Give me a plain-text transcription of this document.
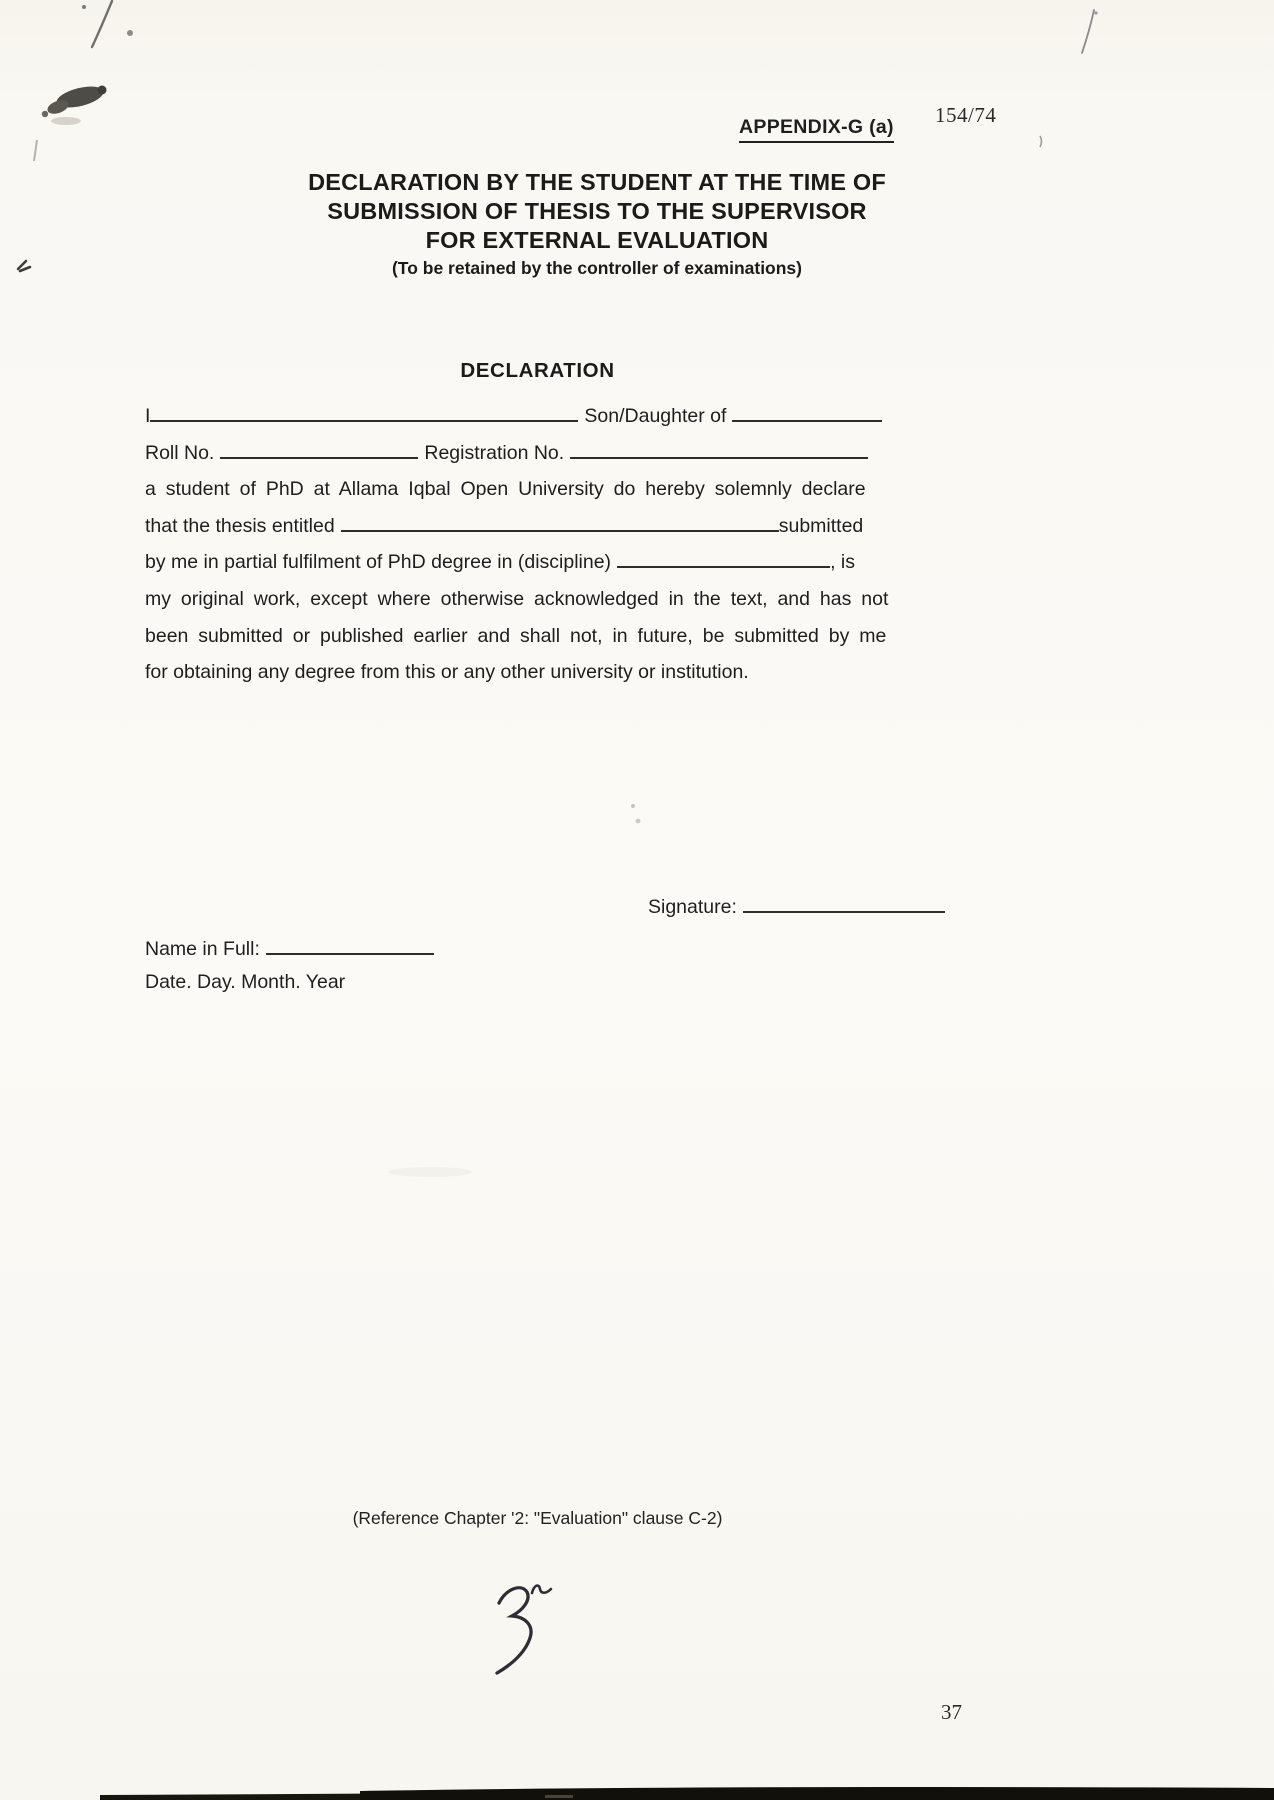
154/74
APPENDIX-G (a)
DECLARATION BY THE STUDENT AT THE TIME OF
SUBMISSION OF THESIS TO THE SUPERVISOR
FOR EXTERNAL EVALUATION
(To be retained by the controller of examinations)
DECLARATION
I	Son/Daughter of
Roll No.	Registration No.
a student of PhD at Allama Iqbal Open University do hereby solemnly declare
that the thesis entitled	submitted
by me in partial fulfilment of PhD degree in (discipline)	, is
my original work, except where otherwise acknowledged in the text, and has not
been submitted or published earlier and shall not, in future, be submitted by me
for obtaining any degree from this or any other university or institution.
Signature:
Name in Full:
Date. Day. Month. Year
(Reference Chapter '2: "Evaluation" clause C-2)
37
